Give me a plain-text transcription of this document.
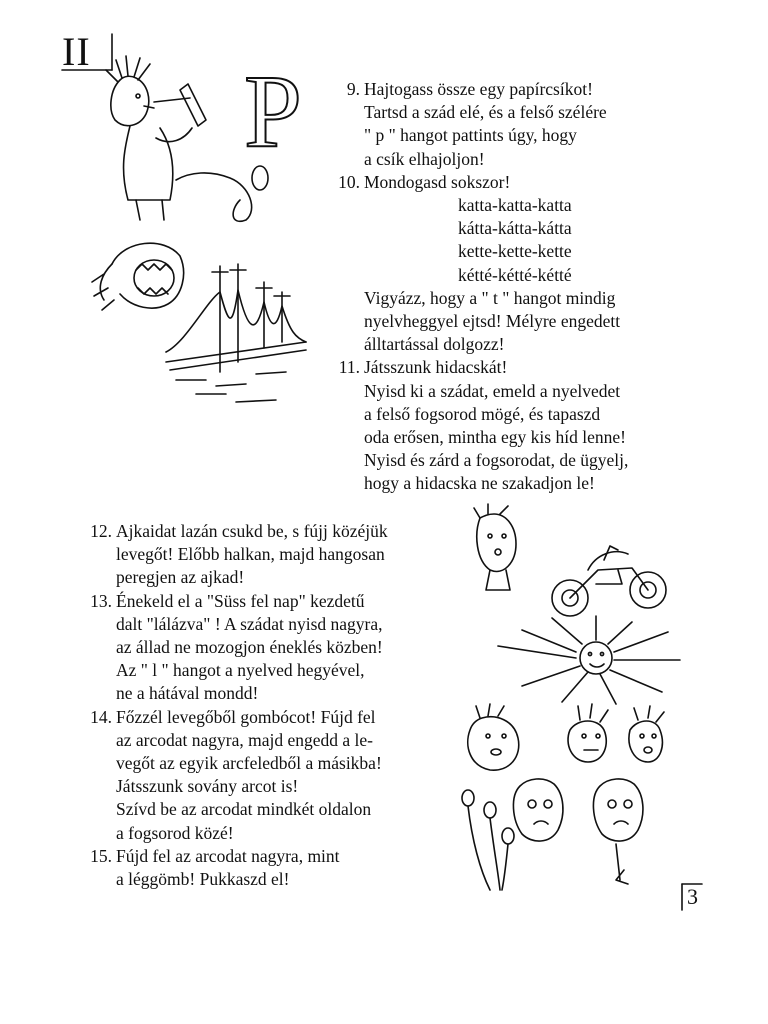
II
P	9. Hajtogass össze egy papírcsíkot!
Tartsd a szád elé, és a felső szélére
" p " hangot pattints úgy, hogy
a csík elhajoljon!
10. Mondogasd sokszor!
katta-katta-katta
kátta-kátta-kátta
kette-kette-kette
kétté-kétté-kétté
Vigyázz, hogy a " t " hangot mindig
nyelvheggyel ejtsd! Mélyre engedett
álltartással dolgozz!
11. Játsszunk hidacskát!
Nyisd ki a szádat, emeld a nyelvedet
a felső fogsorod mögé, és tapaszd
oda erősen, mintha egy kis híd lenne!
Nyisd és zárd a fogsorodat, de ügyelj,
hogy a hidacska ne szakadjon le!
12. Ajkaidat lazán csukd be, s fújj közéjük
levegőt! Előbb halkan, majd hangosan
peregjen az ajkad!
13. Énekeld el a "Süss fel nap" kezdetű
dalt "lálázva" ! A szádat nyisd nagyra,
az állad ne mozogjon éneklés közben!
Az " l " hangot a nyelved hegyével,
ne a hátával mondd!
14. Főzzél levegőből gombócot! Fújd fel
az arcodat nagyra, majd engedd a le-
vegőt az egyik arcfeledből a másikba!
Játsszunk sovány arcot is!
Szívd be az arcodat mindkét oldalon
a fogsorod közé!
15. Fújd fel az arcodat nagyra, mint
a léggömb! Pukkaszd el!
3
